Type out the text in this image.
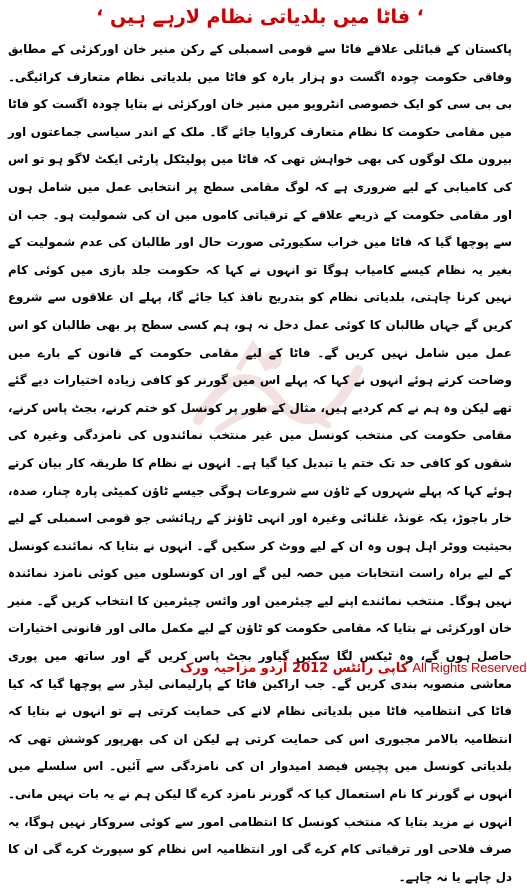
‘ فاٹا میں بلدیاتی نظام لارہے ہیں ‘

پاکستان کے قبائلی علاقے فاٹا سے قومی اسمبلی کے رکن منیر خان اورکزئی کے مطابق وفاقی حکومت چودہ اگست دو ہزار بارہ کو فاٹا میں بلدیاتی نظام متعارف کرائیگی۔ بی بی سی کو ایک خصوصی انٹرویو میں منیر خان اورکزئی نے بتایا چودہ اگست کو فاٹا میں مقامی حکومت کا نظام متعارف کروایا جائے گا۔ ملک کے اندر سیاسی جماعتوں اور بیرون ملک لوگوں کی بھی خواہش تھی کہ فاٹا میں پولیٹکل پارٹی ایکٹ لاگو ہو تو اس کی کامیابی کے لیے ضروری ہے کہ لوگ مقامی سطح پر انتخابی عمل میں شامل ہوں اور مقامی حکومت کے ذریعے علاقے کے ترقیاتی کاموں میں ان کی شمولیت ہو۔ جب ان سے پوچھا گیا کہ فاٹا میں خراب سکیورٹی صورت حال اور طالبان کی عدم شمولیت کے بغیر یہ نظام کیسے کامیاب ہوگا تو انہوں نے کہا کہ حکومت جلد بازی میں کوئی کام نہیں کرنا چاہتی، بلدیاتی نظام کو بتدریج نافذ کیا جائے گا، پہلے ان علاقوں سے شروع کریں گے جہاں طالبان کا کوئی عمل دخل نہ ہو، ہم کسی سطح پر بھی طالبان کو اس عمل میں شامل نہیں کریں گے۔ فاٹا کے لیے مقامی حکومت کے قانون کے بارے میں وضاحت کرتے ہوئے انہوں نے کہا کہ پہلے اس میں گورنر کو کافی زیادہ اختیارات دیے گئے تھے لیکن وہ ہم نے کم کردیے ہیں، مثال کے طور پر کونسل کو ختم کرنے، بجٹ پاس کرنے، مقامی حکومت کی منتخب کونسل میں غیر منتخب نمائندوں کی نامزدگی وغیرہ کی شقوں کو کافی حد تک ختم یا تبدیل کیا گیا ہے۔ انہوں نے نظام کا طریقہ کار بیان کرتے ہوئے کہا کہ پہلے شہروں کے ٹاؤن سے شروعات ہوگی جیسے ٹاؤن کمیٹی پارہ چنار، صدہ، خار باجوڑ، یکہ غونڈ، غلنائی وغیرہ اور انہی ٹاؤنز کے رہائشی جو قومی اسمبلی کے لیے بحیثیت ووٹر اہل ہوں وہ ان کے لیے ووٹ کر سکیں گے۔ انہوں نے بتایا کہ نمائندے کونسل کے لیے براہ راست انتخابات میں حصہ لیں گے اور ان کونسلوں میں کوئی نامزد نمائندہ نہیں ہوگا۔ منتخب نمائندے اپنے لیے چیئرمین اور وائس چیئرمین کا انتخاب کریں گے۔ منیر خان اورکزئی نے بتایا کہ مقامی حکومت کو ٹاؤن کے لیے مکمل مالی اور قانونی اختیارات حاصل ہوں گے، وہ ٹیکس لگا سکیں گیاور بجٹ پاس کریں گے اور ساتھ میں پوری معاشی منصوبہ بندی کریں گے۔ جب اراکین فاٹا کے پارلیمانی لیڈر سے پوچھا گیا کہ کیا فاٹا کی انتظامیہ فاٹا میں بلدیاتی نظام لانے کی حمایت کرتی ہے تو انہوں نے بتایا کہ انتظامیہ بالامر مجبوری اس کی حمایت کرتی ہے لیکن ان کی بھرپور کوشش تھی کہ بلدیاتی کونسل میں پچیس فیصد امیدوار ان کی نامزدگی سے آئیں۔ اس سلسلے میں انہوں نے گورنر کا نام استعمال کیا کہ گورنر نامزد کرے گا لیکن ہم نے یہ بات نہیں مانی۔ انہوں نے مزید بتایا کہ منتخب کونسل کا انتظامی امور سے کوئی سروکار نہیں ہوگا، یہ صرف فلاحی اور ترقیاتی کام کرے گی اور انتظامیہ اس نظام کو سپورٹ کرے گی ان کا دل چاہے یا نہ چاہے۔

کاپی رائٹس 2012 اُردو مزاحیہ ورک All Rights Reserved
